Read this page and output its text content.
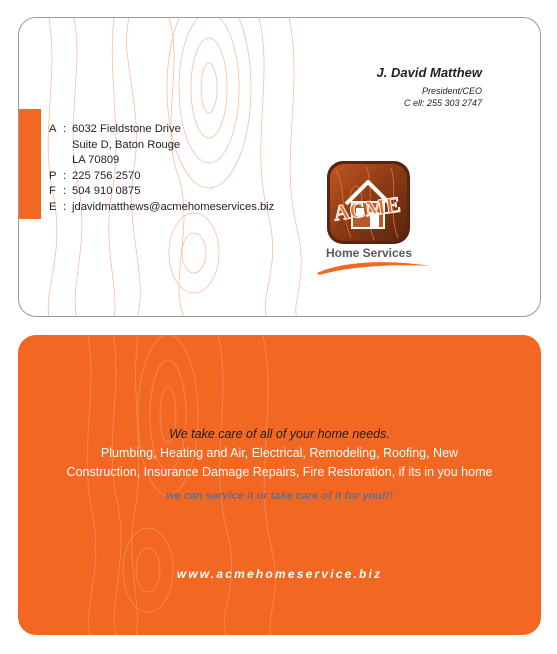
J. David Matthew
President/CEO
C ell: 255 303 2747
A : 6032 Fieldstone Drive
Suite D, Baton Rouge
LA 70809
P : 225 756 2570
F : 504 910 0875
E : jdavidmatthews@acmehomeservices.biz	ACME
Home Services
We take care of all of your home needs.
Plumbing, Heating and Air, Electrical, Remodeling, Roofing, New
Construction, Insurance Damage Repairs, Fire Restoration, if its in you home
we can service it or take care of it for you!!!
www.acmehomeservice.biz
